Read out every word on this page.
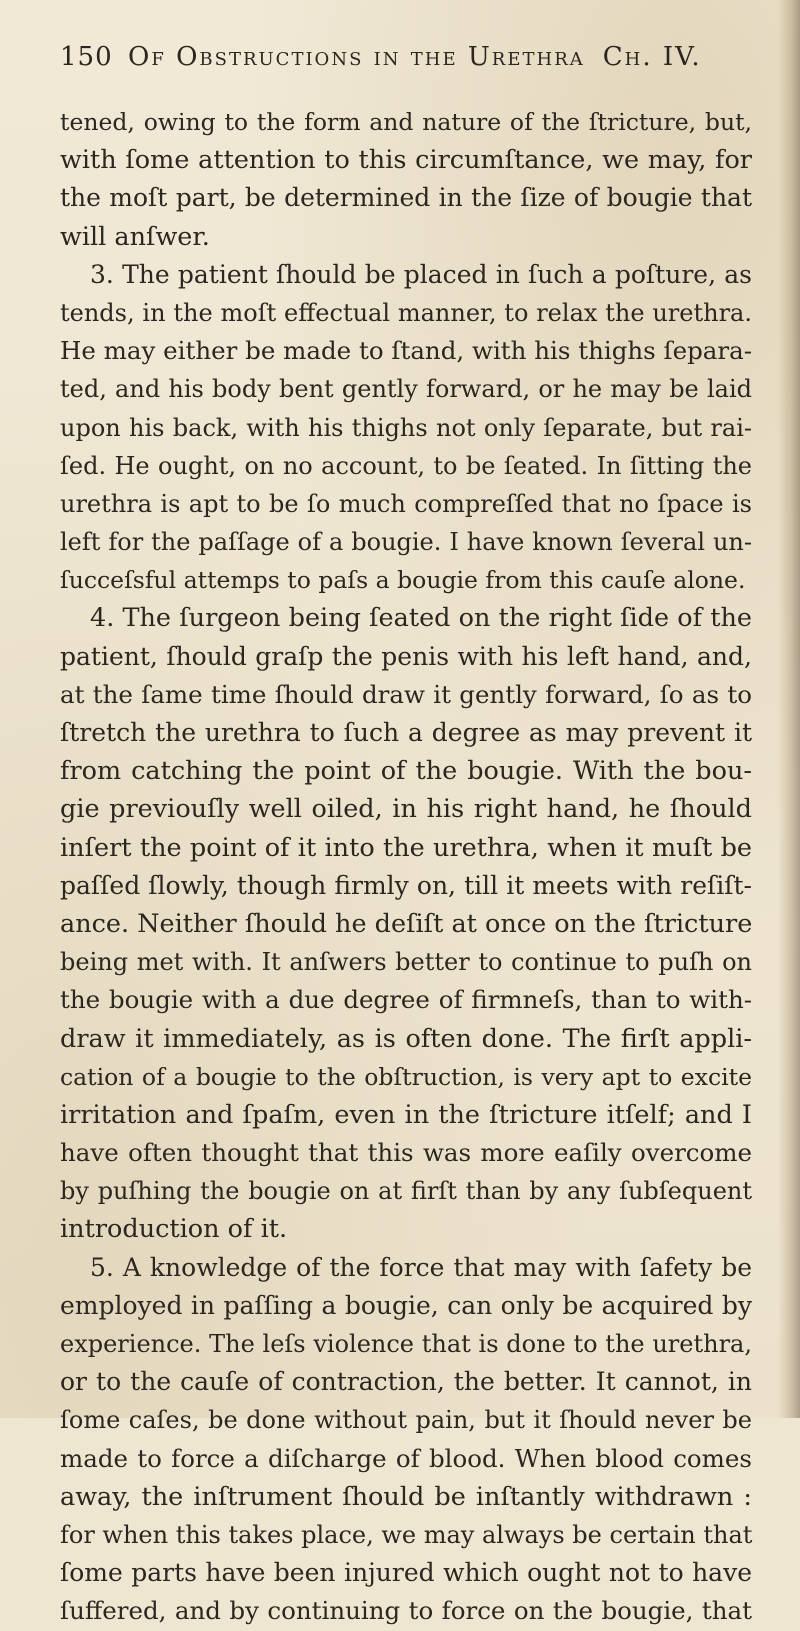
150 Of Obstructions in the Urethra Ch. IV.
tened, owing to the form and nature of the ſtricture, but,
with ſome attention to this circumſtance, we may, for
the moſt part, be determined in the ſize of bougie that
will anſwer.
3. The patient ſhould be placed in ſuch a poſture, as
tends, in the moſt effectual manner, to relax the urethra.
He may either be made to ſtand, with his thighs ſepara-
ted, and his body bent gently forward, or he may be laid
upon his back, with his thighs not only ſeparate, but rai-
ſed. He ought, on no account, to be ſeated. In ſitting the
urethra is apt to be ſo much compreſſed that no ſpace is
left for the paſſage of a bougie. I have known ſeveral un-
ſucceſsful attemps to paſs a bougie from this cauſe alone.
4. The ſurgeon being ſeated on the right ſide of the
patient, ſhould graſp the penis with his left hand, and,
at the ſame time ſhould draw it gently forward, ſo as to
ſtretch the urethra to ſuch a degree as may prevent it
from catching the point of the bougie. With the bou-
gie previouſly well oiled, in his right hand, he ſhould
inſert the point of it into the urethra, when it muſt be
paſſed ſlowly, though firmly on, till it meets with reſiſt-
ance. Neither ſhould he deſiſt at once on the ſtricture
being met with. It anſwers better to continue to puſh on
the bougie with a due degree of firmneſs, than to with-
draw it immediately, as is often done. The firſt appli-
cation of a bougie to the obſtruction, is very apt to excite
irritation and ſpaſm, even in the ſtricture itſelf; and I
have often thought that this was more eaſily overcome
by puſhing the bougie on at firſt than by any ſubſequent
introduction of it.
5. A knowledge of the force that may with ſafety be
employed in paſſing a bougie, can only be acquired by
experience. The leſs violence that is done to the urethra,
or to the cauſe of contraction, the better. It cannot, in
ſome caſes, be done without pain, but it ſhould never be
made to force a diſcharge of blood. When blood comes
away, the inſtrument ſhould be inſtantly withdrawn :
for when this takes place, we may always be certain that
ſome parts have been injured which ought not to have
ſuffered, and by continuing to force on the bougie, that
